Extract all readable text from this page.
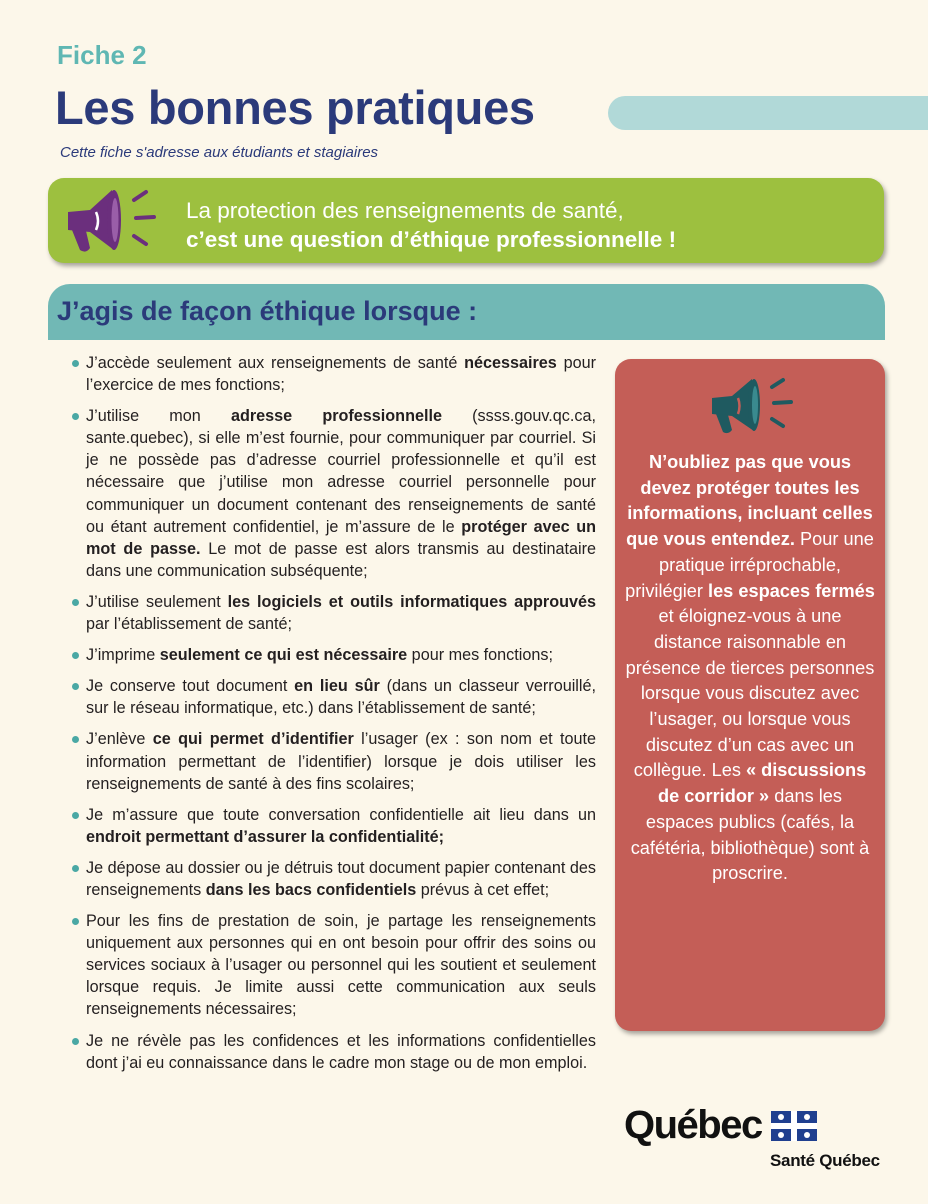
Fiche 2
Les bonnes pratiques
Cette fiche s'adresse aux étudiants et stagiaires
La protection des renseignements de santé,
c’est une question d’éthique professionnelle !
J’agis de façon éthique lorsque :
J’accède seulement aux renseignements de santé nécessaires pour l’exercice de mes fonctions;
J’utilise mon adresse professionnelle (ssss.gouv.qc.ca, sante.quebec), si elle m’est fournie, pour communiquer par courriel. Si je ne possède pas d’adresse courriel professionnelle et qu’il est nécessaire que j’utilise mon adresse courriel personnelle pour communiquer un document contenant des renseignements de santé ou étant autrement confidentiel, je m’assure de le protéger avec un mot de passe. Le mot de passe est alors transmis au destinataire dans une communication subséquente;
J’utilise seulement les logiciels et outils informatiques approuvés par l’établissement de santé;
J’imprime seulement ce qui est nécessaire pour mes fonctions;
Je conserve tout document en lieu sûr (dans un classeur verrouillé, sur le réseau informatique, etc.) dans l’établissement de santé;
J’enlève ce qui permet d’identifier l’usager (ex : son nom et toute information permettant de l’identifier) lorsque je dois utiliser les renseignements de santé à des fins scolaires;
Je m’assure que toute conversation confidentielle ait lieu dans un endroit permettant d’assurer la confidentialité;
Je dépose au dossier ou je détruis tout document papier contenant des renseignements dans les bacs confidentiels prévus à cet effet;
Pour les fins de prestation de soin, je partage les renseignements uniquement aux personnes qui en ont besoin pour offrir des soins ou services sociaux à l’usager ou personnel qui les soutient et seulement lorsque requis. Je limite aussi cette communication aux seuls renseignements nécessaires;
Je ne révèle pas les confidences et les informations confidentielles dont j’ai eu connaissance dans le cadre mon stage ou de mon emploi.
N’oubliez pas que vous devez protéger toutes les informations, incluant celles que vous entendez. Pour une pratique irréprochable, privilégier les espaces fermés et éloignez-vous à une distance raisonnable en présence de tierces personnes lorsque vous discutez avec l’usager, ou lorsque vous discutez d’un cas avec un collègue. Les « discussions de corridor » dans les espaces publics (cafés, la cafétéria, bibliothèque) sont à proscrire.
Québec
Santé Québec
